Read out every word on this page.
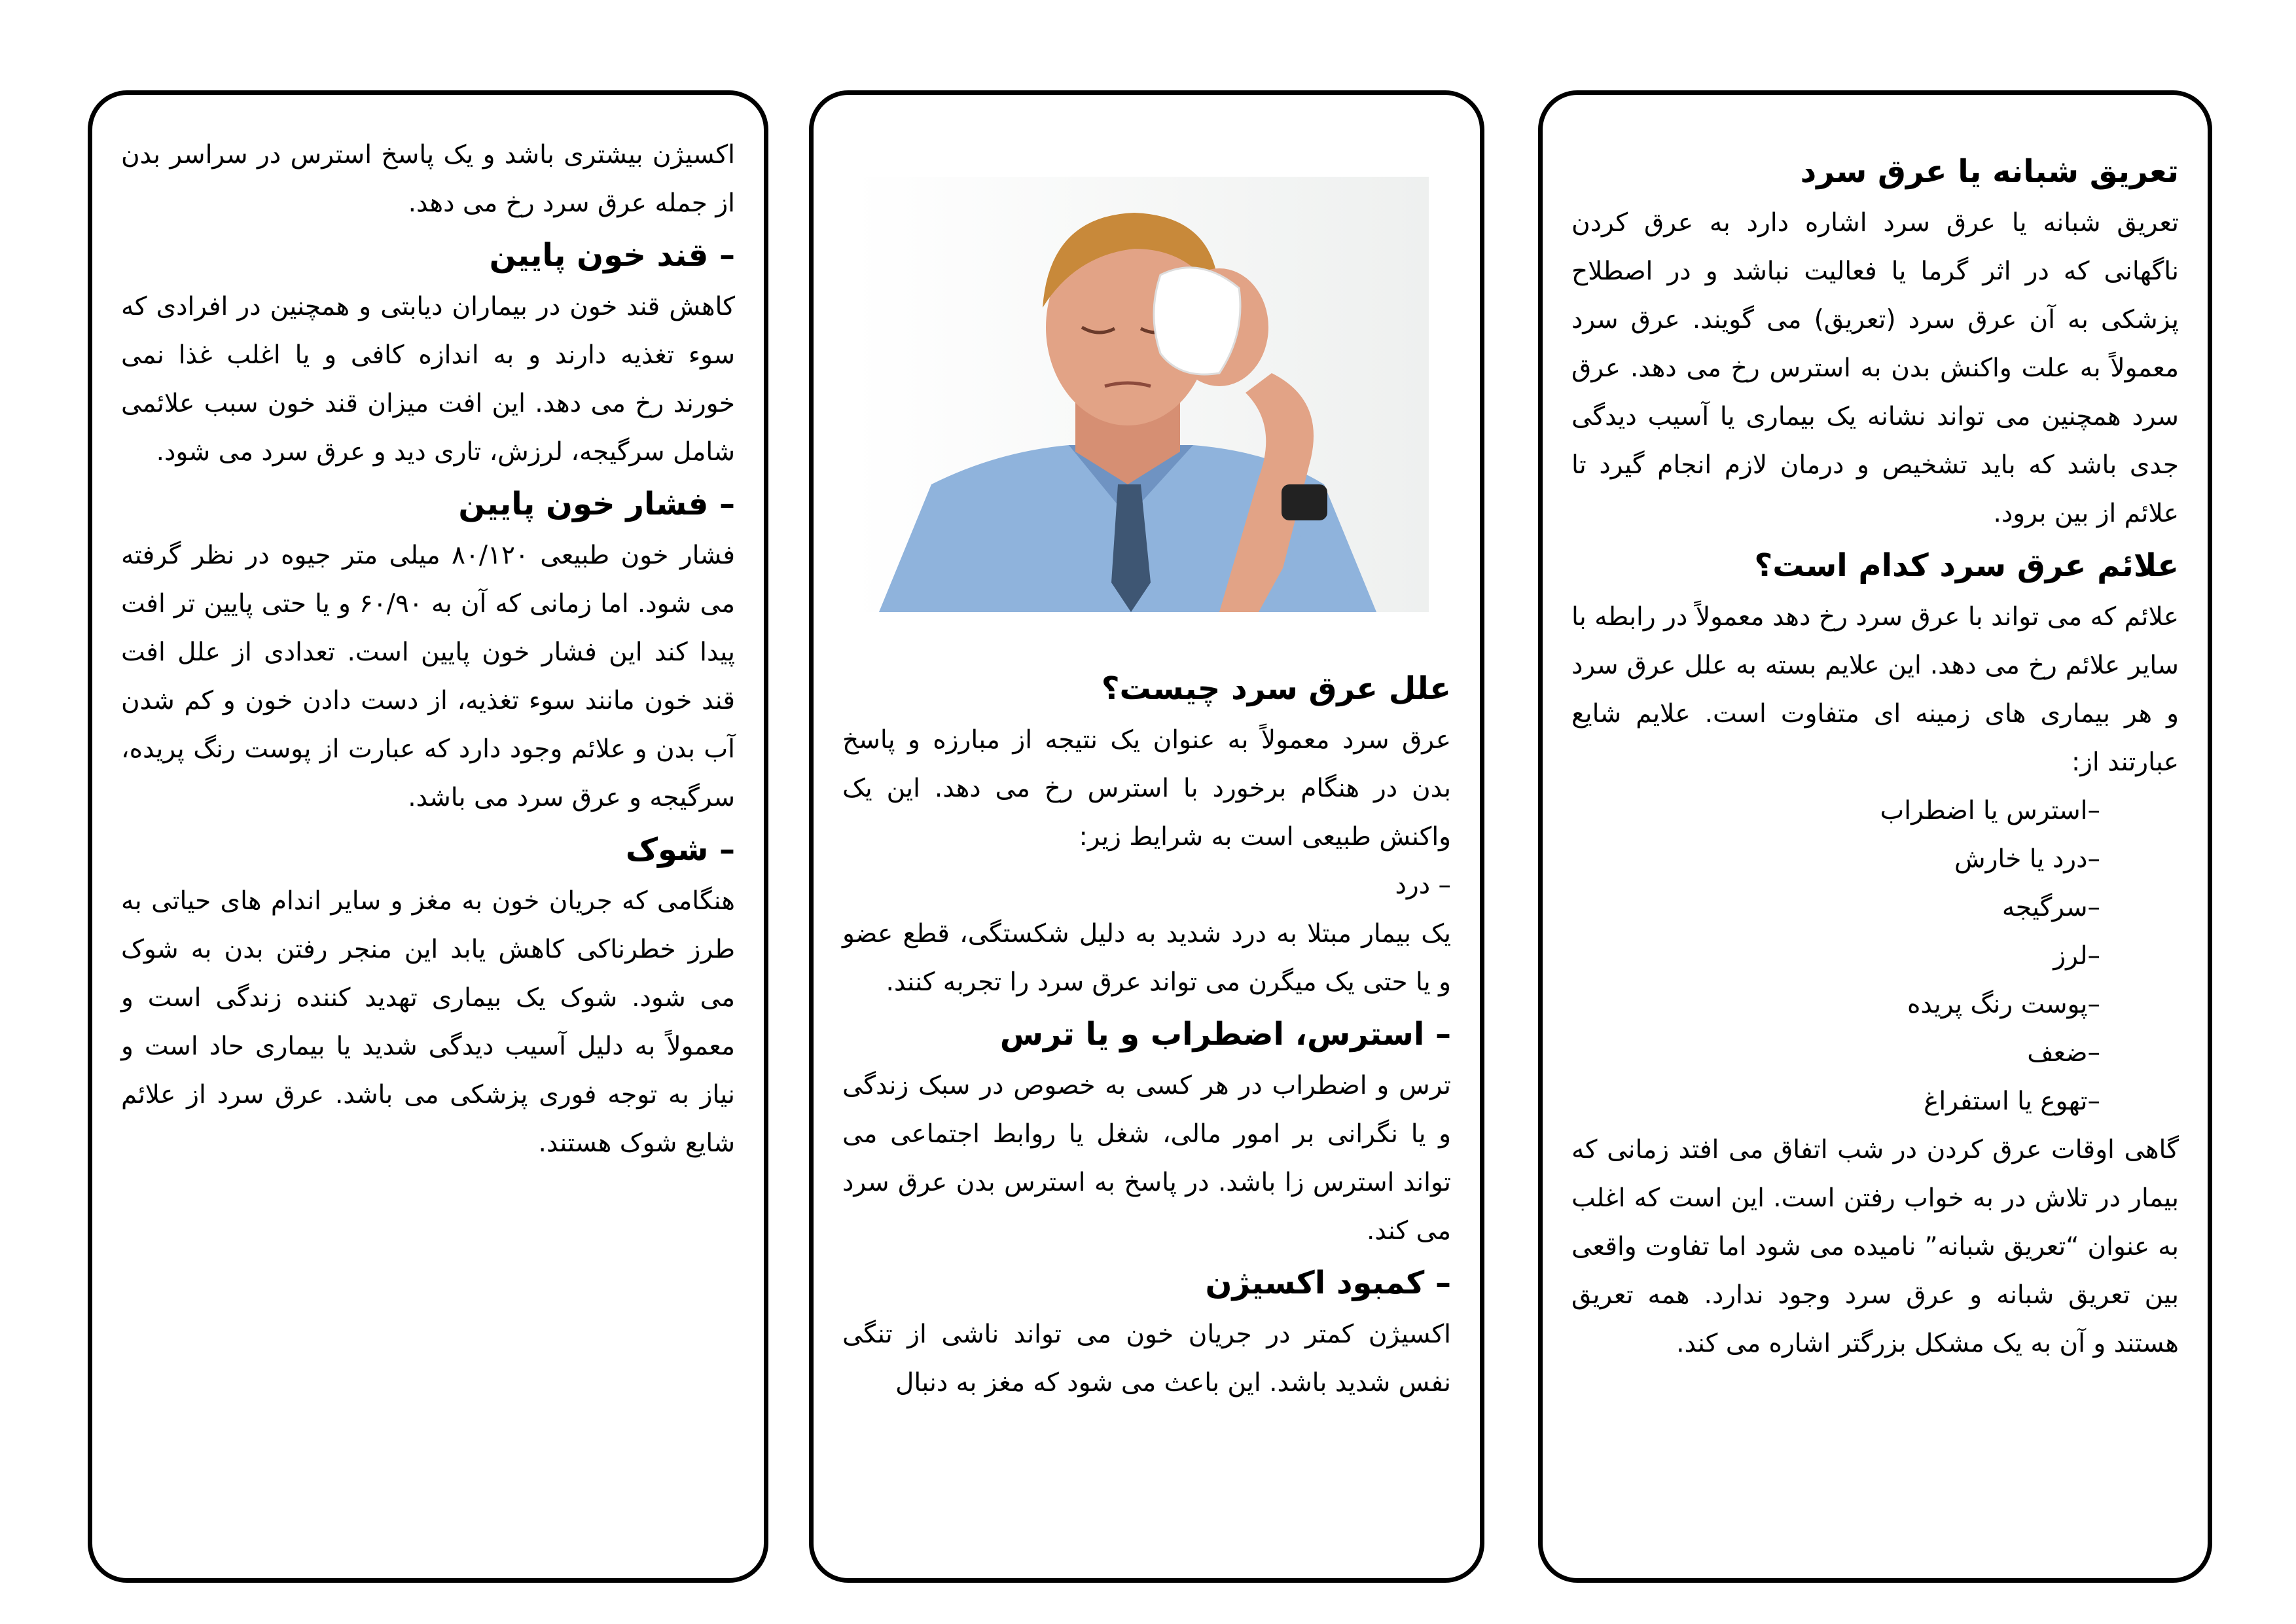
تعریق شبانه یا عرق سرد

تعریق شبانه یا عرق سرد اشاره دارد به عرق کردن ناگهانی که در اثر گرما یا فعالیت نباشد و در اصطلاح پزشکی به آن عرق سرد (تعریق) می گویند. عرق سرد معمولاً به علت واکنش بدن به استرس رخ می دهد. عرق سرد همچنین می تواند نشانه یک بیماری یا آسیب دیدگی جدی باشد که باید تشخیص و درمان لازم انجام گیرد تا علائم از بین برود.

علائم عرق سرد کدام است؟

علائم که می تواند با عرق سرد رخ دهد معمولاً در رابطه با سایر علائم رخ می دهد. این علایم بسته به علل عرق سرد و هر بیماری های زمینه ای متفاوت است. علایم شایع عبارتند از:

–استرس یا اضطراب
–درد یا خارش
–سرگیجه
–لرز
–پوست رنگ پریده
–ضعف
–تهوع یا استفراغ

گاهی اوقات عرق کردن در شب اتفاق می افتد زمانی که بیمار در تلاش در به خواب رفتن است. این است که اغلب به عنوان “تعریق شبانه” نامیده می شود اما تفاوت واقعی بین تعریق شبانه و عرق سرد وجود ندارد. همه تعریق هستند و آن به یک مشکل بزرگتر اشاره می کند.

علل عرق سرد چیست؟

عرق سرد معمولاً به عنوان یک نتیجه از مبارزه و پاسخ بدن در هنگام برخورد با استرس رخ می دهد. این یک واکنش طبیعی است به شرایط زیر:

– درد

یک بیمار مبتلا به درد شدید به دلیل شکستگی، قطع عضو و یا حتی یک میگرن می تواند عرق سرد را تجربه کنند.

– استرس، اضطراب و یا ترس

ترس و اضطراب در هر کسی به خصوص در سبک زندگی و یا نگرانی بر امور مالی، شغل یا روابط اجتماعی می تواند استرس زا باشد. در پاسخ به استرس بدن عرق سرد می کند.

– کمبود اکسیژن

اکسیژن کمتر در جریان خون می تواند ناشی از تنگی نفس شدید باشد. این باعث می شود که مغز به دنبال

اکسیژن بیشتری باشد و یک پاسخ استرس در سراسر بدن از جمله عرق سرد رخ می دهد.

– قند خون پایین

کاهش قند خون در بیماران دیابتی و همچنین در افرادی که سوء تغذیه دارند و به اندازه کافی و یا اغلب غذا نمی خورند رخ می دهد. این افت میزان قند خون سبب علائمی شامل سرگیجه، لرزش، تاری دید و عرق سرد می شود.

– فشار خون پایین

فشار خون طبیعی ۸۰/۱۲۰ میلی متر جیوه در نظر گرفته می شود. اما زمانی که آن به ۶۰/۹۰ و یا حتی پایین تر افت پیدا کند این فشار خون پایین است. تعدادی از علل افت قند خون مانند سوء تغذیه، از دست دادن خون و کم شدن آب بدن و علائم وجود دارد که عبارت از پوست رنگ پریده، سرگیجه و عرق سرد می باشد.

– شوک

هنگامی که جریان خون به مغز و سایر اندام های حیاتی به طرز خطرناکی کاهش یابد این منجر رفتن بدن به شوک می شود. شوک یک بیماری تهدید کننده زندگی است و معمولاً به دلیل آسیب دیدگی شدید یا بیماری حاد است و نیاز به توجه فوری پزشکی می باشد. عرق سرد از علائم شایع شوک هستند.
